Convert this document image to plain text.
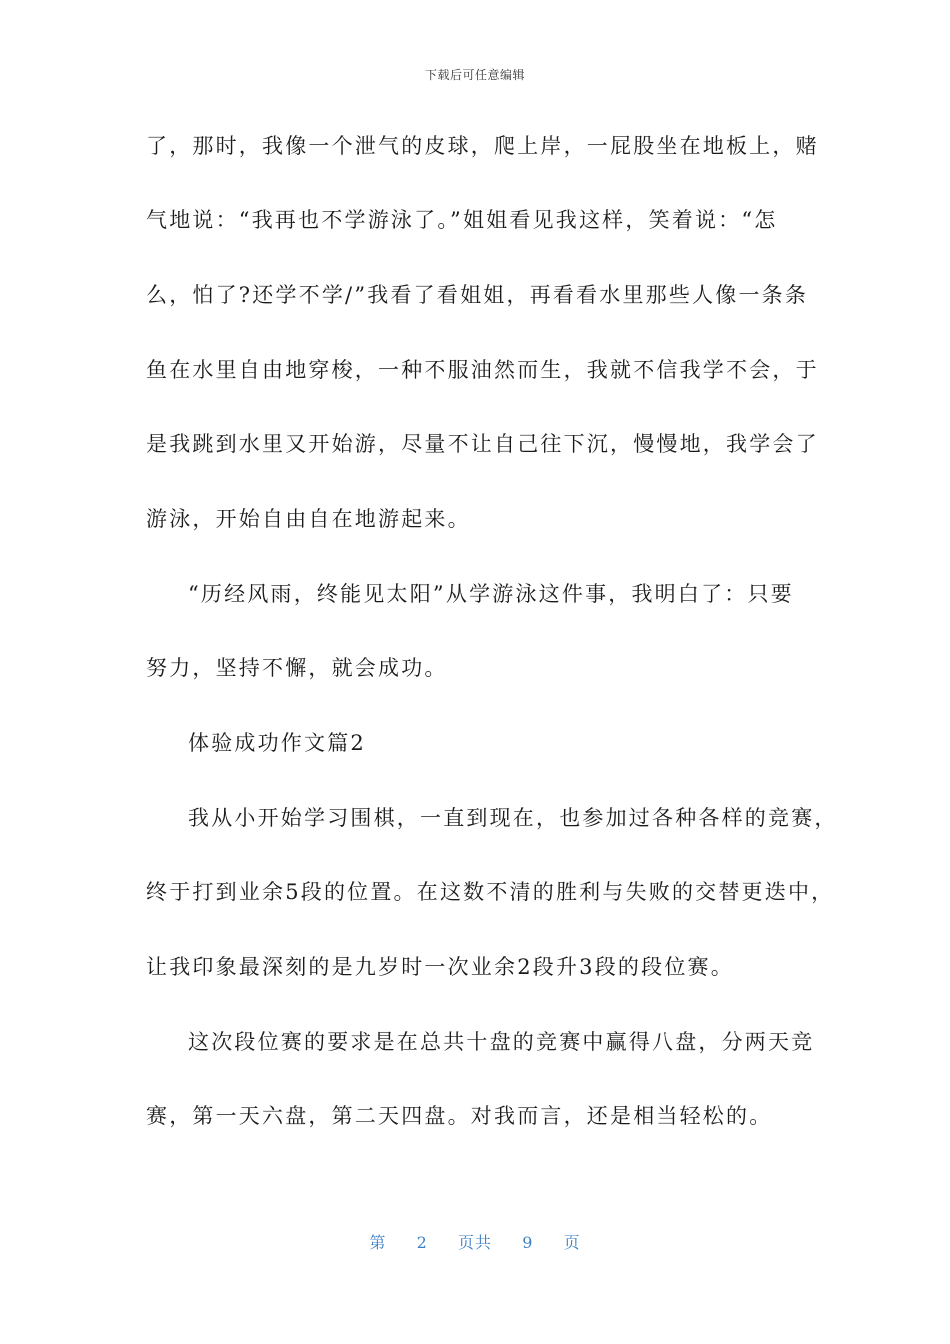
下载后可任意编辑
了，那时，我像一个泄气的皮球，爬上岸，一屁股坐在地板上，赌
气地说：“我再也不学游泳了。”姐姐看见我这样，笑着说：“怎
么，怕了?还学不学/”我看了看姐姐，再看看水里那些人像一条条
鱼在水里自由地穿梭，一种不服油然而生，我就不信我学不会，于
是我跳到水里又开始游，尽量不让自己往下沉，慢慢地，我学会了
游泳，开始自由自在地游起来。
“历经风雨，终能见太阳”从学游泳这件事，我明白了：只要
努力，坚持不懈，就会成功。
体验成功作文篇2
我从小开始学习围棋，一直到现在，也参加过各种各样的竞赛，
终于打到业余5段的位置。在这数不清的胜利与失败的交替更迭中，
让我印象最深刻的是九岁时一次业余2段升3段的段位赛。
这次段位赛的要求是在总共十盘的竞赛中赢得八盘，分两天竞
赛，第一天六盘，第二天四盘。对我而言，还是相当轻松的。
第 2 页共 9 页
